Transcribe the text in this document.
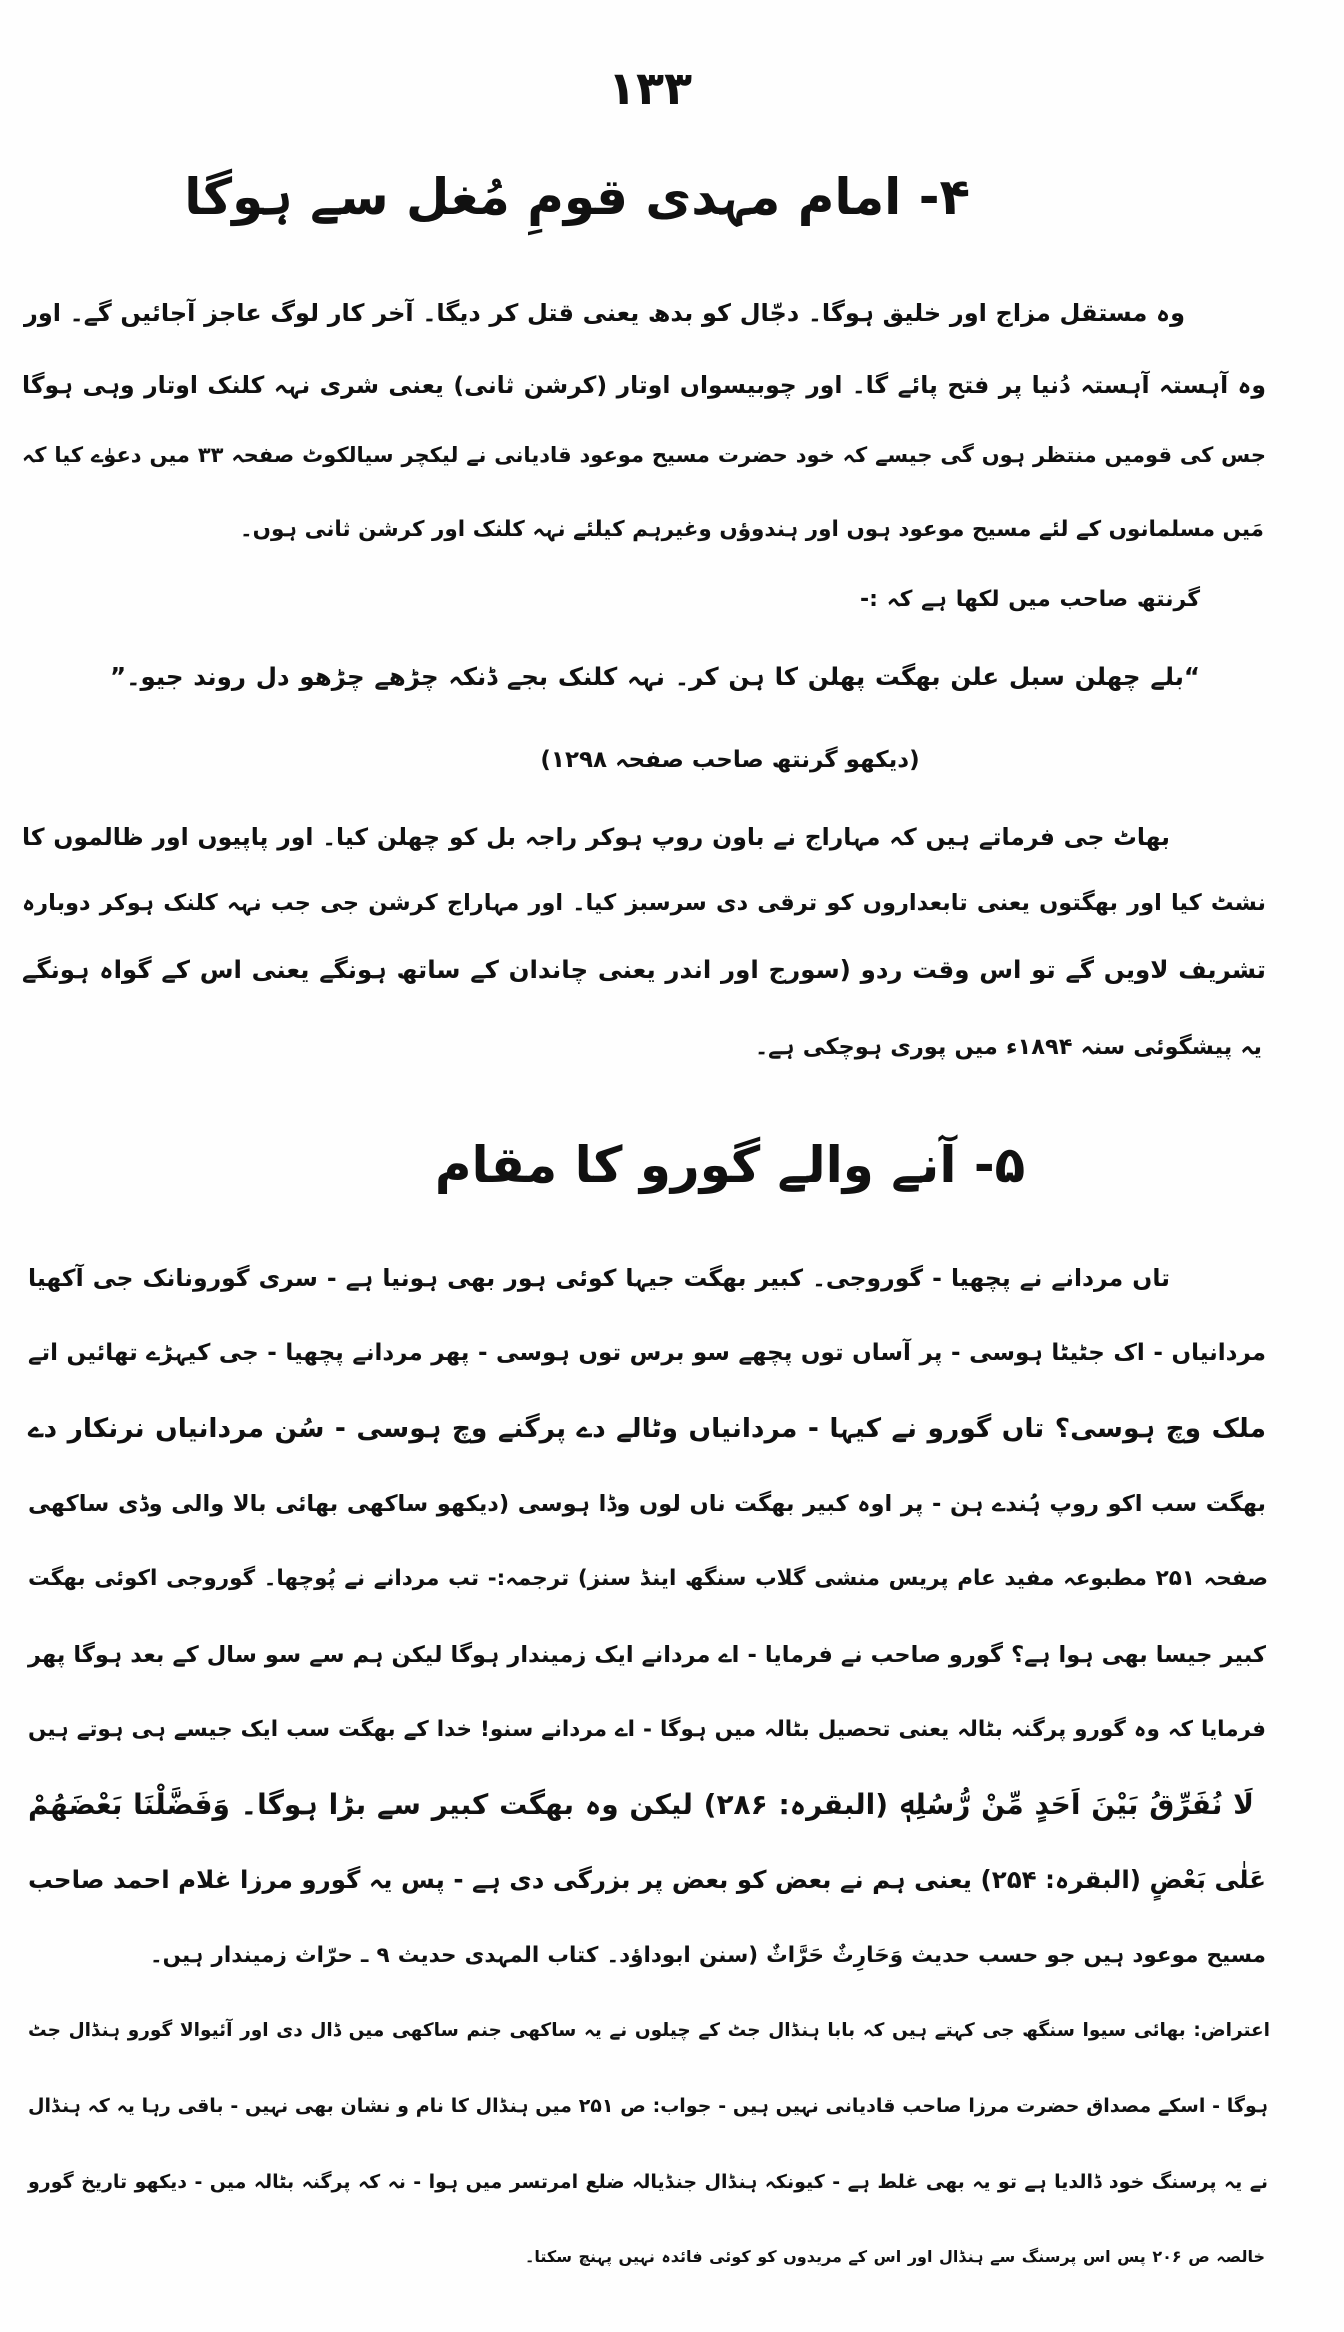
۱۳۳
۴- امام مہدی قومِ مُغل سے ہوگا
وہ مستقل مزاج اور خلیق ہوگا۔ دجّال کو بدھ یعنی قتل کر دیگا۔ آخر کار لوگ عاجز آجائیں گے۔ اور
وہ آہستہ آہستہ دُنیا پر فتح پائے گا۔ اور چوبیسواں اوتار (کرشن ثانی) یعنی شری نہہ کلنک اوتار وہی ہوگا
جس کی قومیں منتظر ہوں گی جیسے کہ خود حضرت مسیح موعود قادیانی نے لیکچر سیالکوٹ صفحہ ۳۳ میں دعوٰے کیا کہ
مَیں مسلمانوں کے لئے مسیح موعود ہوں اور ہندوؤں وغیرہم کیلئے نہہ کلنک اور کرشن ثانی ہوں۔
گرنتھ صاحب میں لکھا ہے کہ :-
“بلے چھلن سبل علن بھگت پھلن کا ہن کر۔ نہہ کلنک بجے ڈنکہ چڑھے چڑھو دل روند جیو۔”
(دیکھو گرنتھ صاحب صفحہ ۱۲۹۸)
بھاٹ جی فرماتے ہیں کہ مہاراج نے باون روپ ہوکر راجہ بل کو چھلن کیا۔ اور پاپیوں اور ظالموں کا
نشٹ کیا اور بھگتوں یعنی تابعداروں کو ترقی دی سرسبز کیا۔ اور مہاراج کرشن جی جب نہہ کلنک ہوکر دوبارہ
تشریف لاویں گے تو اس وقت ردو (سورج اور اندر یعنی چاندان کے ساتھ ہونگے یعنی اس کے گواہ ہونگے
یہ پیشگوئی سنہ ۱۸۹۴ء میں پوری ہوچکی ہے۔
۵- آنے والے گورو کا مقام
تاں مردانے نے پچھیا - گوروجی۔ کبیر بھگت جیہا کوئی ہور بھی ہونیا ہے - سری گورونانک جی آکھیا
مردانیاں - اک جٹیٹا ہوسی - پر آساں توں پچھے سو برس توں ہوسی - پھر مردانے پچھیا - جی کیہڑے تھائیں اتے
ملک وچ ہوسی؟ تاں گورو نے کیہا - مردانیاں وٹالے دے پرگنے وچ ہوسی - سُن مردانیاں نرنکار دے
بھگت سب اکو روپ ہُندے ہن - پر اوہ کبیر بھگت ناں لوں وڈا ہوسی (دیکھو ساکھی بھائی بالا والی وڈی ساکھی
صفحہ ۲۵۱ مطبوعہ مفید عام پریس منشی گلاب سنگھ اینڈ سنز) ترجمہ:- تب مردانے نے پُوچھا۔ گوروجی اکوئی بھگت
کبیر جیسا بھی ہوا ہے؟ گورو صاحب نے فرمایا - اے مردانے ایک زمیندار ہوگا لیکن ہم سے سو سال کے بعد ہوگا پھر
فرمایا کہ وہ گورو پرگنہ بٹالہ یعنی تحصیل بٹالہ میں ہوگا - اے مردانے سنو! خدا کے بھگت سب ایک جیسے ہی ہوتے ہیں
لَا نُفَرِّقُ بَيْنَ اَحَدٍ مِّنْ رُّسُلِهٖ (البقرہ: ۲۸۶) لیکن وہ بھگت کبیر سے بڑا ہوگا۔ وَفَضَّلْنَا بَعْضَهُمْ
عَلٰی بَعْضٍ (البقرہ: ۲۵۴) یعنی ہم نے بعض کو بعض پر بزرگی دی ہے - پس یہ گورو مرزا غلام احمد صاحب
مسیح موعود ہیں جو حسب حدیث وَحَارِثٌ حَرَّاثٌ (سنن ابوداؤد۔ کتاب المہدی حدیث ۹ ـ حرّاث زمیندار ہیں۔
اعتراض: بھائی سیوا سنگھ جی کہتے ہیں کہ بابا ہنڈال جٹ کے چیلوں نے یہ ساکھی جنم ساکھی میں ڈال دی اور آئیوالا گورو ہنڈال جٹ
ہوگا - اسکے مصداق حضرت مرزا صاحب قادیانی نہیں ہیں - جواب: ص ۲۵۱ میں ہنڈال کا نام و نشان بھی نہیں - باقی رہا یہ کہ ہنڈال
نے یہ پرسنگ خود ڈالدیا ہے تو یہ بھی غلط ہے - کیونکہ ہنڈال جنڈیالہ ضلع امرتسر میں ہوا - نہ کہ پرگنہ بٹالہ میں - دیکھو تاریخ گورو
خالصہ ص ۲۰۶ پس اس پرسنگ سے ہنڈال اور اس کے مریدوں کو کوئی فائدہ نہیں پہنچ سکتا۔
